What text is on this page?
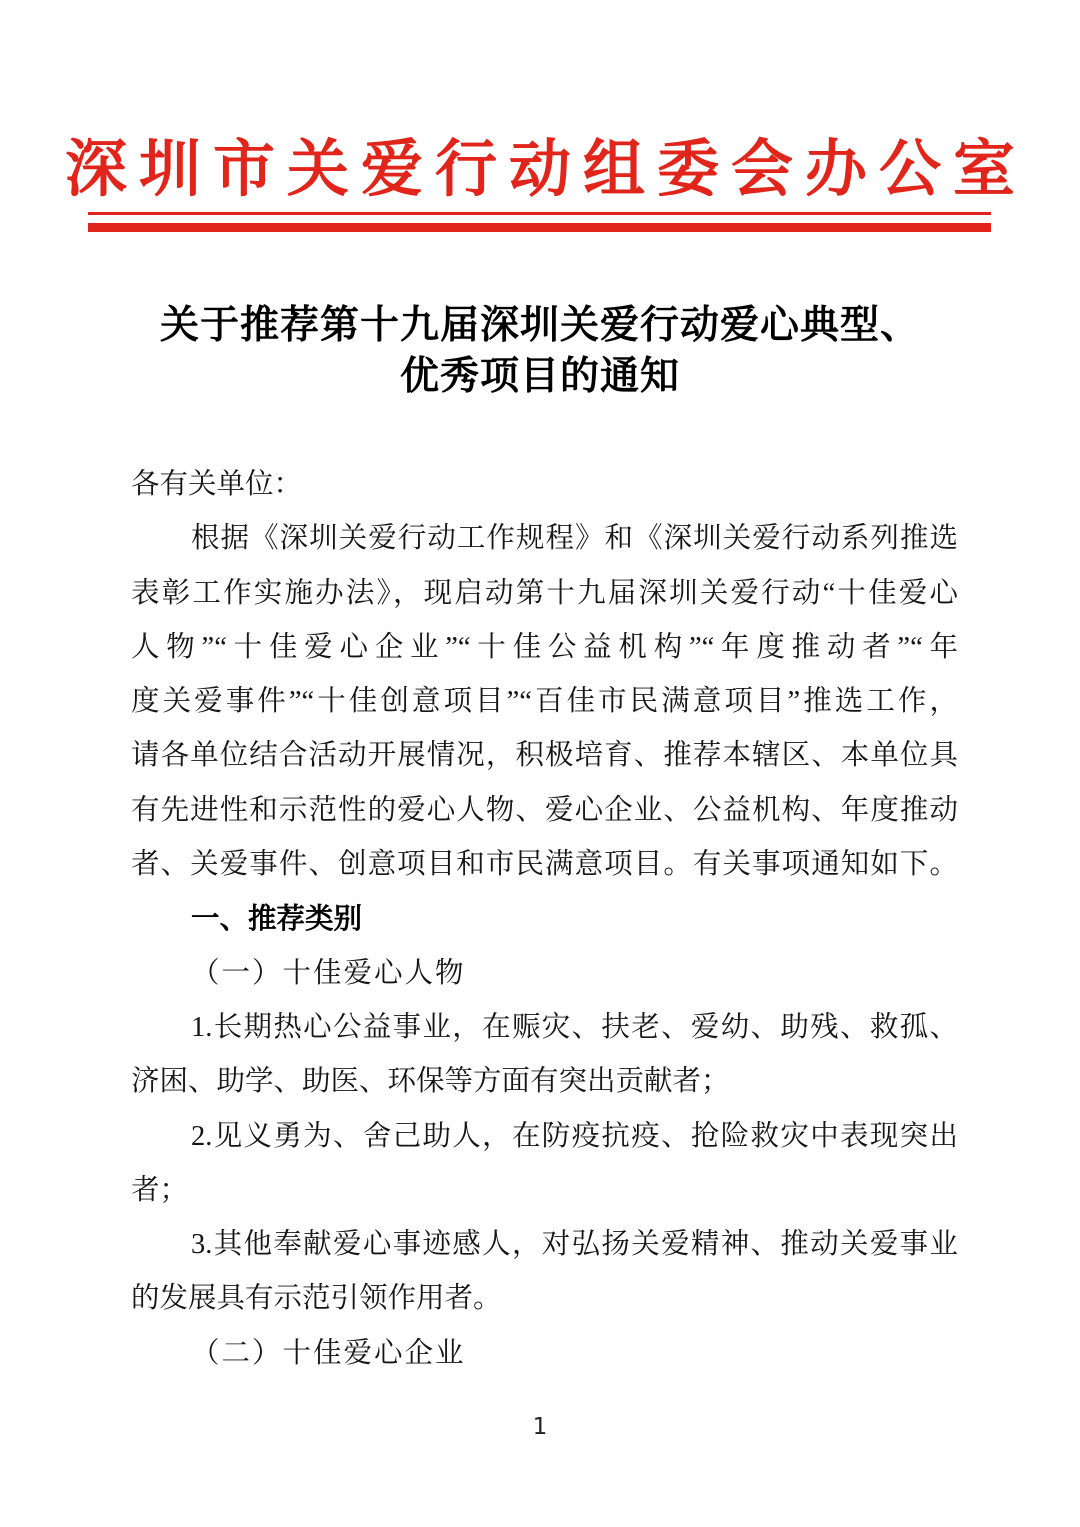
深圳市关爱行动组委会办公室
关于推荐第十九届深圳关爱行动爱心典型、
优秀项目的通知
各有关单位：
根据《深圳关爱行动工作规程》和《深圳关爱行动系列推选
表彰工作实施办法》，现启动第十九届深圳关爱行动“十佳爱心
人物”“十佳爱心企业”“十佳公益机构”“年度推动者”“年
度关爱事件”“十佳创意项目”“百佳市民满意项目”推选工作，
请各单位结合活动开展情况，积极培育、推荐本辖区、本单位具
有先进性和示范性的爱心人物、爱心企业、公益机构、年度推动
者、关爱事件、创意项目和市民满意项目。有关事项通知如下。
一、推荐类别
（一）十佳爱心人物
1.长期热心公益事业，在赈灾、扶老、爱幼、助残、救孤、
济困、助学、助医、环保等方面有突出贡献者；
2.见义勇为、舍己助人，在防疫抗疫、抢险救灾中表现突出
者；
3.其他奉献爱心事迹感人，对弘扬关爱精神、推动关爱事业
的发展具有示范引领作用者。
（二）十佳爱心企业
1
